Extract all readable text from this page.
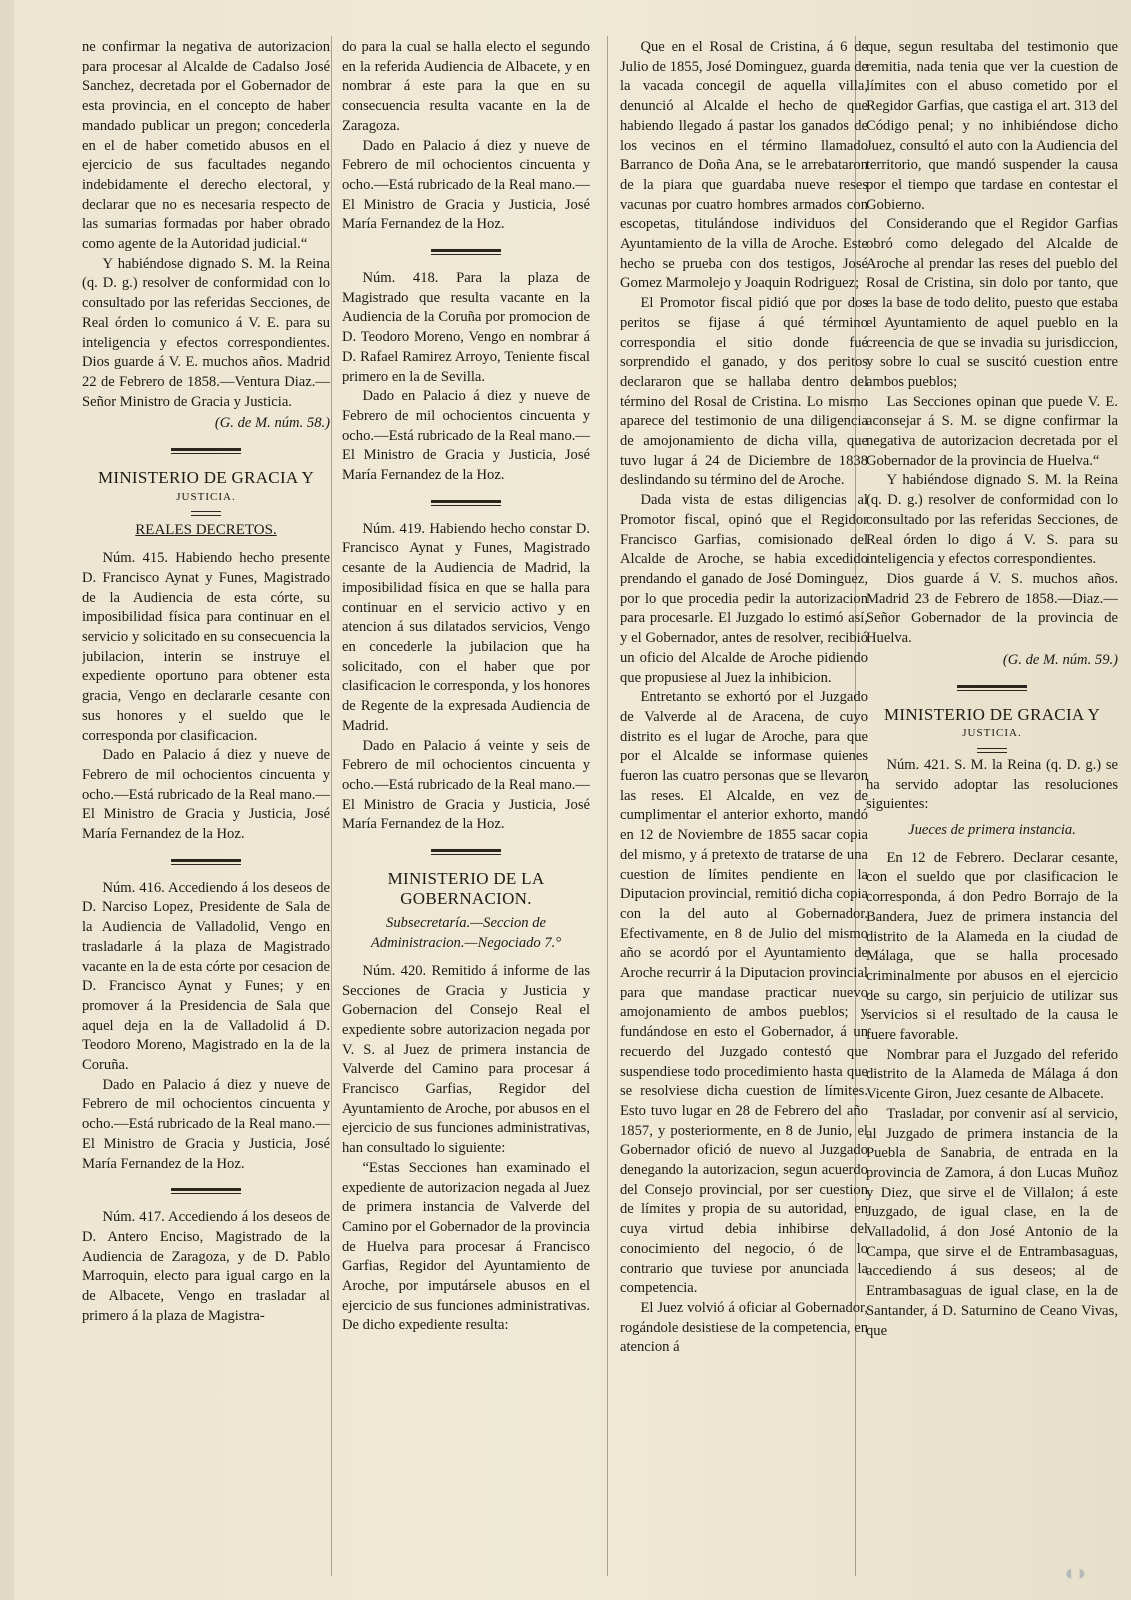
ne confirmar la negativa de autorizacion para procesar al Alcalde de Cadalso José Sanchez, decretada por el Gobernador de esta provincia, en el concepto de haber mandado publicar un pregon; concederla en el de haber cometido abusos en el ejercicio de sus facultades negando indebidamente el derecho electoral, y declarar que no es necesaria respecto de las sumarias formadas por haber obrado como agente de la Autoridad judicial.“

Y habiéndose dignado S. M. la Reina (q. D. g.) resolver de conformidad con lo consultado por las referidas Secciones, de Real órden lo comunico á V. E. para su inteligencia y efectos correspondientes. Dios guarde á V. E. muchos años. Madrid 22 de Febrero de 1858.—Ventura Diaz.—Señor Ministro de Gracia y Justicia.

(G. de M. núm. 58.)

MINISTERIO DE GRACIA Y

JUSTICIA.

REALES DECRETOS.

Núm. 415. Habiendo hecho presente D. Francisco Aynat y Funes, Magistrado de la Audiencia de esta córte, su imposibilidad física para continuar en el servicio y solicitado en su consecuencia la jubilacion, interin se instruye el expediente oportuno para obtener esta gracia, Vengo en declararle cesante con sus honores y el sueldo que le corresponda por clasificacion.

Dado en Palacio á diez y nueve de Febrero de mil ochocientos cincuenta y ocho.—Está rubricado de la Real mano.—El Ministro de Gracia y Justicia, José María Fernandez de la Hoz.

Núm. 416. Accediendo á los deseos de D. Narciso Lopez, Presidente de Sala de la Audiencia de Valladolid, Vengo en trasladarle á la plaza de Magistrado vacante en la de esta córte por cesacion de D. Francisco Aynat y Funes; y en promover á la Presidencia de Sala que aquel deja en la de Valladolid á D. Teodoro Moreno, Magistrado en la de la Coruña.

Dado en Palacio á diez y nueve de Febrero de mil ochocientos cincuenta y ocho.—Está rubricado de la Real mano.—El Ministro de Gracia y Justicia, José María Fernandez de la Hoz.

Núm. 417. Accediendo á los deseos de D. Antero Enciso, Magistrado de la Audiencia de Zaragoza, y de D. Pablo Marroquin, electo para igual cargo en la de Albacete, Vengo en trasladar al primero á la plaza de Magistra-

do para la cual se halla electo el segundo en la referida Audiencia de Albacete, y en nombrar á este para la que en su consecuencia resulta vacante en la de Zaragoza.

Dado en Palacio á diez y nueve de Febrero de mil ochocientos cincuenta y ocho.—Está rubricado de la Real mano.—El Ministro de Gracia y Justicia, José María Fernandez de la Hoz.

Núm. 418. Para la plaza de Magistrado que resulta vacante en la Audiencia de la Coruña por promocion de D. Teodoro Moreno, Vengo en nombrar á D. Rafael Ramirez Arroyo, Teniente fiscal primero en la de Sevilla.

Dado en Palacio á diez y nueve de Febrero de mil ochocientos cincuenta y ocho.—Está rubricado de la Real mano.—El Ministro de Gracia y Justicia, José María Fernandez de la Hoz.

Núm. 419. Habiendo hecho constar D. Francisco Aynat y Funes, Magistrado cesante de la Audiencia de Madrid, la imposibilidad física en que se halla para continuar en el servicio activo y en atencion á sus dilatados servicios, Vengo en concederle la jubilacion que ha solicitado, con el haber que por clasificacion le corresponda, y los honores de Regente de la expresada Audiencia de Madrid.

Dado en Palacio á veinte y seis de Febrero de mil ochocientos cincuenta y ocho.—Está rubricado de la Real mano.—El Ministro de Gracia y Justicia, José María Fernandez de la Hoz.

MINISTERIO DE LA GOBERNACION.

Subsecretaría.—Seccion de Administracion.—Negociado 7.°

Núm. 420. Remitido á informe de las Secciones de Gracia y Justicia y Gobernacion del Consejo Real el expediente sobre autorizacion negada por V. S. al Juez de primera instancia de Valverde del Camino para procesar á Francisco Garfias, Regidor del Ayuntamiento de Aroche, por abusos en el ejercicio de sus funciones administrativas, han consultado lo siguiente:

“Estas Secciones han examinado el expediente de autorizacion negada al Juez de primera instancia de Valverde del Camino por el Gobernador de la provincia de Huelva para procesar á Francisco Garfias, Regidor del Ayuntamiento de Aroche, por imputársele abusos en el ejercicio de sus funciones administrativas. De dicho expediente resulta:

Que en el Rosal de Cristina, á 6 de Julio de 1855, José Dominguez, guarda de la vacada concegil de aquella villa, denunció al Alcalde el hecho de que habiendo llegado á pastar los ganados de los vecinos en el término llamado Barranco de Doña Ana, se le arrebataron de la piara que guardaba nueve reses vacunas por cuatro hombres armados con escopetas, titulándose individuos del Ayuntamiento de la villa de Aroche. Este hecho se prueba con dos testigos, José Gomez Marmolejo y Joaquin Rodriguez;

El Promotor fiscal pidió que por dos peritos se fijase á qué término correspondia el sitio donde fué sorprendido el ganado, y dos peritos declararon que se hallaba dentro del término del Rosal de Cristina. Lo mismo aparece del testimonio de una diligencia de amojonamiento de dicha villa, que tuvo lugar á 24 de Diciembre de 1838 deslindando su término del de Aroche.

Dada vista de estas diligencias al Promotor fiscal, opinó que el Regidor Francisco Garfias, comisionado del Alcalde de Aroche, se habia excedido prendando el ganado de José Dominguez, por lo que procedia pedir la autorizacion para procesarle. El Juzgado lo estimó así, y el Gobernador, antes de resolver, recibió un oficio del Alcalde de Aroche pidiendo que propusiese al Juez la inhibicion.

Entretanto se exhortó por el Juzgado de Valverde al de Aracena, de cuyo distrito es el lugar de Aroche, para que por el Alcalde se informase quienes fueron las cuatro personas que se llevaron las reses. El Alcalde, en vez de cumplimentar el anterior exhorto, mandó en 12 de Noviembre de 1855 sacar copia del mismo, y á pretexto de tratarse de una cuestion de límites pendiente en la Diputacion provincial, remitió dicha copia con la del auto al Gobernador. Efectivamente, en 8 de Julio del mismo año se acordó por el Ayuntamiento de Aroche recurrir á la Diputacion provincial para que mandase practicar nuevo amojonamiento de ambos pueblos; y fundándose en esto el Gobernador, á un recuerdo del Juzgado contestó que suspendiese todo procedimiento hasta que se resolviese dicha cuestion de límites. Esto tuvo lugar en 28 de Febrero del año 1857, y posteriormente, en 8 de Junio, el Gobernador ofició de nuevo al Juzgado denegando la autorizacion, segun acuerdo del Consejo provincial, por ser cuestion de límites y propia de su autoridad, en cuya virtud debia inhibirse del conocimiento del negocio, ó de lo contrario que tuviese por anunciada la competencia.

El Juez volvió á oficiar al Gobernador, rogándole desistiese de la competencia, en atencion á

que, segun resultaba del testimonio que remitia, nada tenia que ver la cuestion de límites con el abuso cometido por el Regidor Garfias, que castiga el art. 313 del Código penal; y no inhibiéndose dicho Juez, consultó el auto con la Audiencia del territorio, que mandó suspender la causa por el tiempo que tardase en contestar el Gobierno.

Considerando que el Regidor Garfias obró como delegado del Alcalde de Aroche al prendar las reses del pueblo del Rosal de Cristina, sin dolo por tanto, que es la base de todo delito, puesto que estaba el Ayuntamiento de aquel pueblo en la creencia de que se invadia su jurisdiccion, y sobre lo cual se suscitó cuestion entre ambos pueblos;

Las Secciones opinan que puede V. E. aconsejar á S. M. se digne confirmar la negativa de autorizacion decretada por el Gobernador de la provincia de Huelva.“

Y habiéndose dignado S. M. la Reina (q. D. g.) resolver de conformidad con lo consultado por las referidas Secciones, de Real órden lo digo á V. S. para su inteligencia y efectos correspondientes.

Dios guarde á V. S. muchos años. Madrid 23 de Febrero de 1858.—Diaz.—Señor Gobernador de la provincia de Huelva.

(G. de M. núm. 59.)

MINISTERIO DE GRACIA Y

JUSTICIA.

Núm. 421. S. M. la Reina (q. D. g.) se ha servido adoptar las resoluciones siguientes:

Jueces de primera instancia.

En 12 de Febrero. Declarar cesante, con el sueldo que por clasificacion le corresponda, á don Pedro Borrajo de la Bandera, Juez de primera instancia del distrito de la Alameda en la ciudad de Málaga, que se halla procesado criminalmente por abusos en el ejercicio de su cargo, sin perjuicio de utilizar sus servicios si el resultado de la causa le fuere favorable.

Nombrar para el Juzgado del referido distrito de la Alameda de Málaga á don Vicente Giron, Juez cesante de Albacete.

Trasladar, por convenir así al servicio, al Juzgado de primera instancia de la Puebla de Sanabria, de entrada en la provincia de Zamora, á don Lucas Muñoz y Diez, que sirve el de Villalon; á este Juzgado, de igual clase, en la de Valladolid, á don José Antonio de la Campa, que sirve el de Entrambasaguas, accediendo á sus deseos; al de Entrambasaguas de igual clase, en la de Santander, á D. Saturnino de Ceano Vivas, que

◖◗
